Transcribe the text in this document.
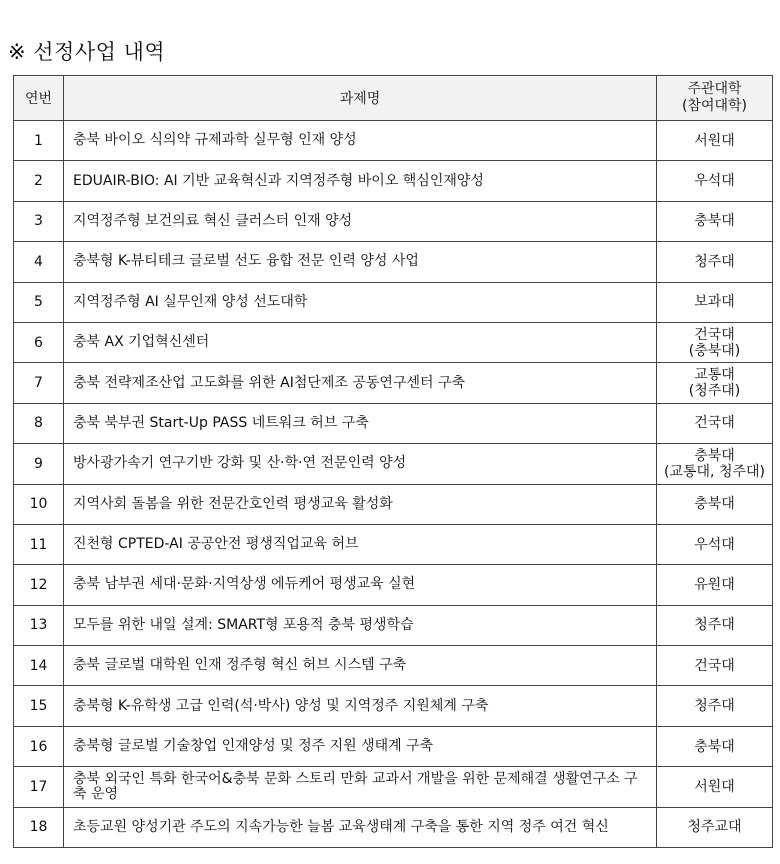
※ 선정사업 내역
연번	과제명	주관대학
(참여대학)

1	충북 바이오 식의약 규제과학 실무형 인재 양성	서원대

2	EDUAIR-BIO: AI 기반 교육혁신과 지역정주형 바이오 핵심인재양성	우석대

3	지역정주형 보건의료 혁신 클러스터 인재 양성	충북대

4	충북형 K-뷰티테크 글로벌 선도 융합 전문 인력 양성 사업	청주대

5	지역정주형 AI 실무인재 양성 선도대학	보과대

6	충북 AX 기업혁신센터	건국대
(충북대)

7	충북 전략제조산업 고도화를 위한 AI첨단제조 공동연구센터 구축	교통대
(청주대)

8	충북 북부권 Start-Up PASS 네트워크 허브 구축	건국대

9	방사광가속기 연구기반 강화 및 산·학·연 전문인력 양성	충북대
(교통대, 청주대)

10	지역사회 돌봄을 위한 전문간호인력 평생교육 활성화	충북대

11	진천형 CPTED-AI 공공안전 평생직업교육 허브	우석대

12	충북 남부권 세대·문화·지역상생 에듀케어 평생교육 실현	유원대

13	모두를 위한 내일 설계: SMART형 포용적 충북 평생학습	청주대

14	충북 글로벌 대학원 인재 정주형 혁신 허브 시스템 구축	건국대

15	충북형 K-유학생 고급 인력(석·박사) 양성 및 지역정주 지원체계 구축	청주대

16	충북형 글로벌 기술창업 인재양성 및 정주 지원 생태계 구축	충북대

17	충북 외국인 특화 한국어&충북 문화 스토리 만화 교과서 개발을 위한 문제해결 생활연구소 구축 운영	서원대

18	초등교원 양성기관 주도의 지속가능한 늘봄 교육생태계 구축을 통한 지역 정주 여건 혁신	청주교대
